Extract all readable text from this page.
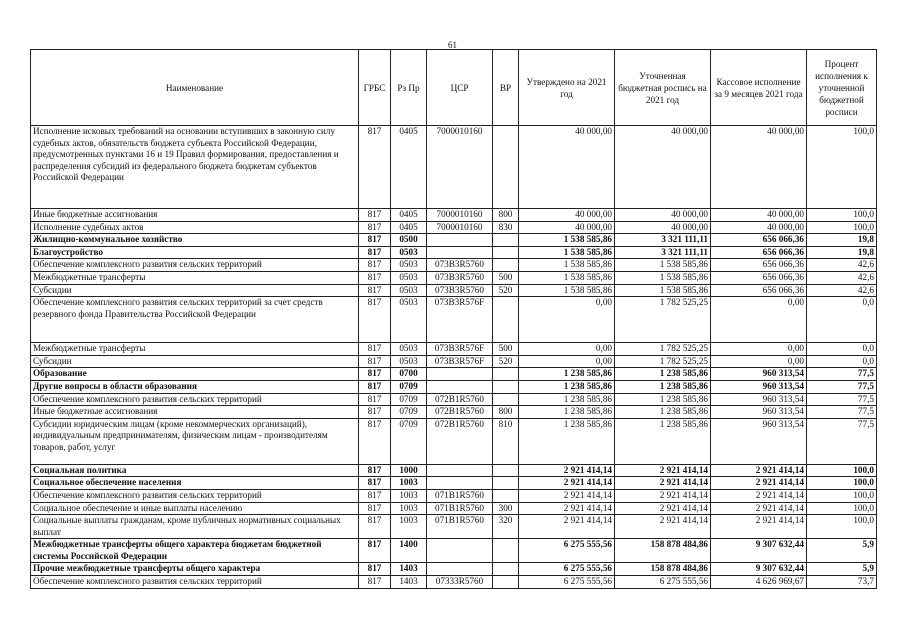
61
Наименование	ГРБС	Рз Пр	ЦСР	ВР	Утверждено на 2021 год	Уточненная бюджетная роспись на 2021 год	Кассовое исполнение за 9 месяцев 2021 года	Процент исполнения к уточненной бюджетной росписи
Исполнение исковых требований на основании вступивших в законную силу судебных актов, обязательств бюджета субъекта Российской Федерации, предусмотренных пунктами 16 и 19 Правил формирования, предоставления и распределения субсидий из федерального бюджета бюджетам субъектов Российской Федерации	817	0405	7000010160		40 000,00	40 000,00	40 000,00	100,0
Иные бюджетные ассигнования	817	0405	7000010160	800	40 000,00	40 000,00	40 000,00	100,0
Исполнение судебных актов	817	0405	7000010160	830	40 000,00	40 000,00	40 000,00	100,0
Жилищно-коммунальное хозяйство	817	0500			1 538 585,86	3 321 111,11	656 066,36	19,8
Благоустройство	817	0503			1 538 585,86	3 321 111,11	656 066,36	19,8
Обеспечение комплексного развития сельских территорий	817	0503	073В3R5760		1 538 585,86	1 538 585,86	656 066,36	42,6
Межбюджетные трансферты	817	0503	073В3R5760	500	1 538 585,86	1 538 585,86	656 066,36	42,6
Субсидии	817	0503	073В3R5760	520	1 538 585,86	1 538 585,86	656 066,36	42,6
Обеспечение комплексного развития сельских территорий за счет средств резервного фонда Правительства Российской Федерации	817	0503	073В3R576F		0,00	1 782 525,25	0,00	0,0
Межбюджетные трансферты	817	0503	073В3R576F	500	0,00	1 782 525,25	0,00	0,0
Субсидии	817	0503	073В3R576F	520	0,00	1 782 525,25	0,00	0,0
Образование	817	0700			1 238 585,86	1 238 585,86	960 313,54	77,5
Другие вопросы в области образования	817	0709			1 238 585,86	1 238 585,86	960 313,54	77,5
Обеспечение комплексного развития сельских территорий	817	0709	072В1R5760		1 238 585,86	1 238 585,86	960 313,54	77,5
Иные бюджетные ассигнования	817	0709	072В1R5760	800	1 238 585,86	1 238 585,86	960 313,54	77,5
Субсидии юридическим лицам (кроме некоммерческих организаций), индивидуальным предпринимателям, физическим лицам - производителям товаров, работ, услуг	817	0709	072В1R5760	810	1 238 585,86	1 238 585,86	960 313,54	77,5
Социальная политика	817	1000			2 921 414,14	2 921 414,14	2 921 414,14	100,0
Социальное обеспечение населения	817	1003			2 921 414,14	2 921 414,14	2 921 414,14	100,0
Обеспечение комплексного развития сельских территорий	817	1003	071В1R5760		2 921 414,14	2 921 414,14	2 921 414,14	100,0
Социальное обеспечение и иные выплаты населению	817	1003	071В1R5760	300	2 921 414,14	2 921 414,14	2 921 414,14	100,0
Социальные выплаты гражданам, кроме публичных нормативных социальных выплат	817	1003	071В1R5760	320	2 921 414,14	2 921 414,14	2 921 414,14	100,0
Межбюджетные трансферты общего характера бюджетам бюджетной системы Российской Федерации	817	1400			6 275 555,56	158 878 484,86	9 307 632,44	5,9
Прочие межбюджетные трансферты общего характера	817	1403			6 275 555,56	158 878 484,86	9 307 632,44	5,9
Обеспечение комплексного развития сельских территорий	817	1403	07333R5760		6 275 555,56	6 275 555,56	4 626 969,67	73,7
